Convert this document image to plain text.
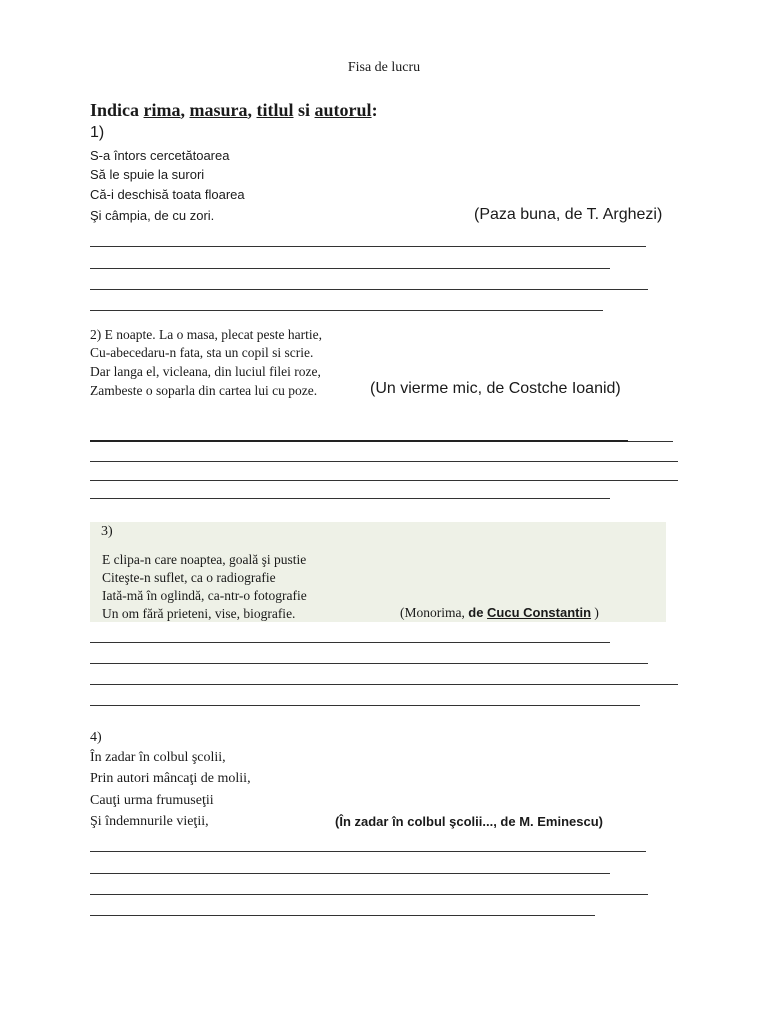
Fisa de lucru
Indica rima, masura, titlul si autorul:
1)
S-a întors cercetătoarea
Să le spuie la surori
Că-i deschisă toata floarea
Şi câmpia, de cu zori.	(Paza buna, de T. Arghezi)
2) E noapte. La o masa, plecat peste hartie,
Cu-abecedaru-n fata, sta un copil si scrie.
Dar langa el, vicleana, din luciul filei roze,
Zambeste o soparla din cartea lui cu poze.	(Un vierme mic, de Costche Ioanid)
3)
E clipa-n care noaptea, goală şi pustie
Citeşte-n suflet, ca o radiografie
Iată-mă în oglindă, ca-ntr-o fotografie
Un om fără prieteni, vise, biografie.	(Monorima, de Cucu Constantin )
4)
În zadar în colbul şcolii,
Prin autori mâncaţi de molii,
Cauţi urma frumuseţii
Şi îndemnurile vieţii,	(În zadar în colbul şcolii..., de M. Eminescu)
